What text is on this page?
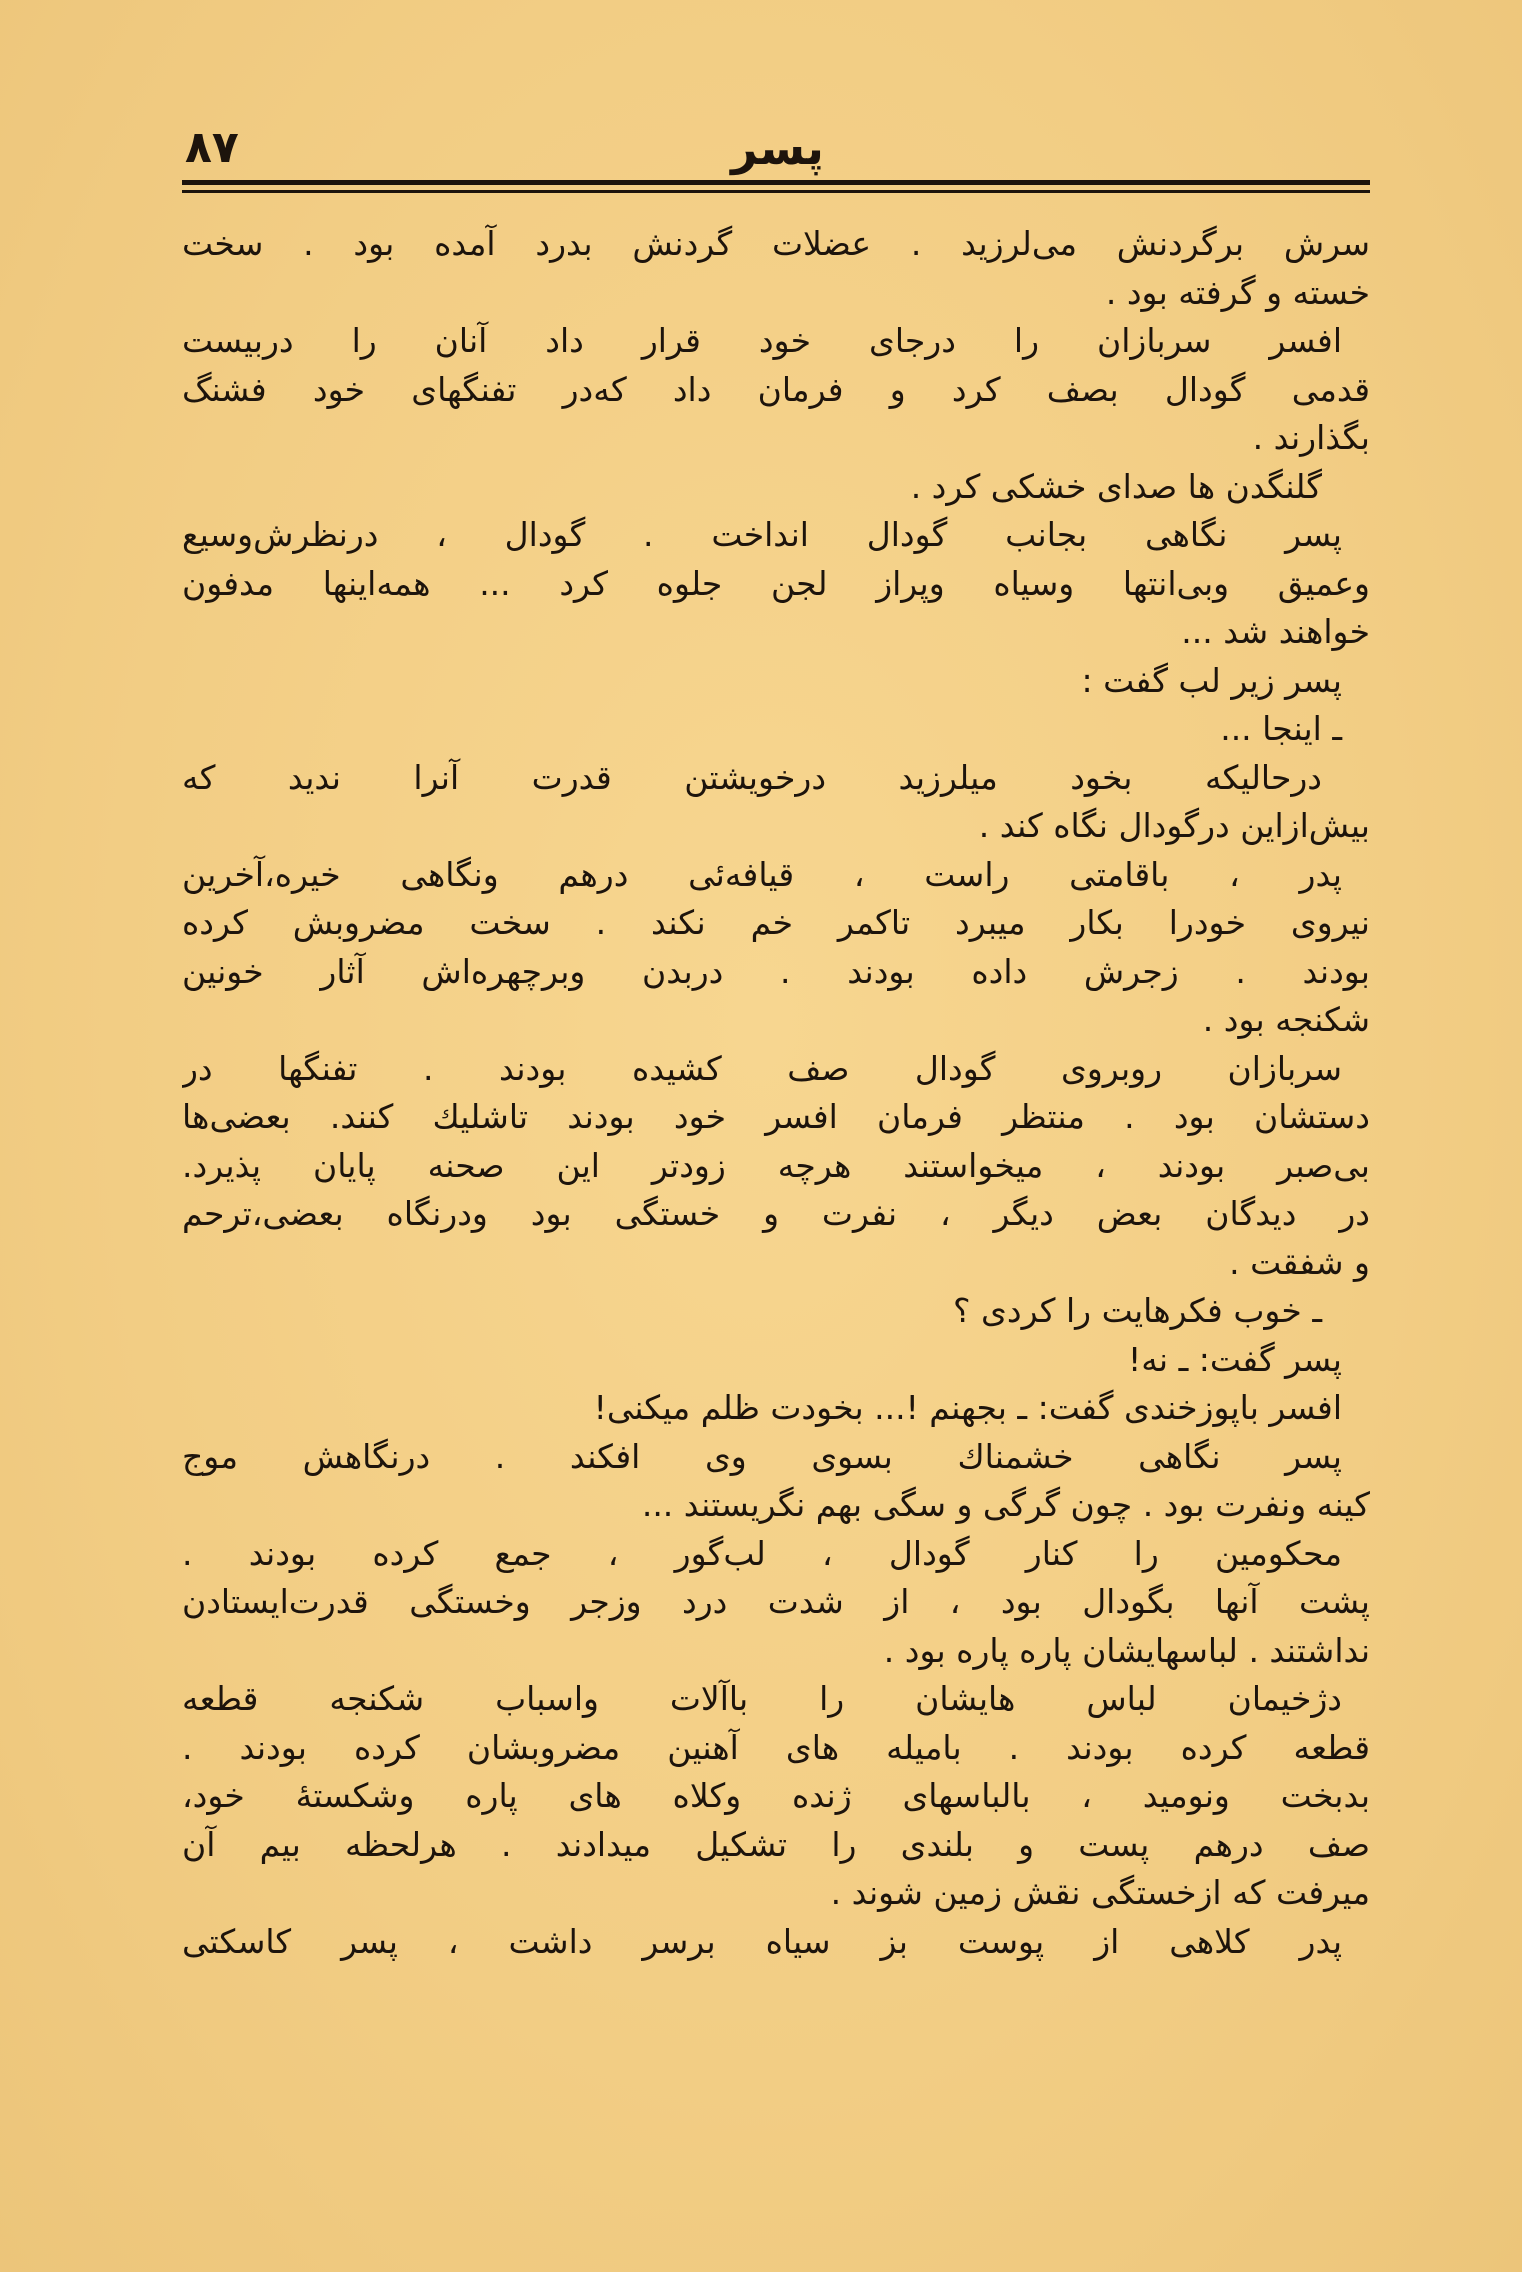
پسر
۸۷
سرش برگردنش می‌لرزید . عضلات گردنش بدرد آمده بود . سخت
خسته و گرفته بود .
افسر سربازان را درجای خود قرار داد آنان را دربیست
قدمی گودال بصف کرد و فرمان داد که‌در تفنگهای خود فشنگ
بگذارند .
گلنگدن ها صدای خشکی کرد .
پسر نگاهی بجانب گودال انداخت . گودال ، درنظرش‌وسیع
وعمیق وبی‌انتها وسیاه وپراز لجن جلوه کرد ... همه‌اینها مدفون
خواهند شد ...
پسر زیر لب گفت :
ـ اینجا ...
درحالیکه بخود میلرزید درخویشتن قدرت آنرا ندید که
بیش‌ازاین درگودال نگاه کند .
پدر ، باقامتی راست ، قیافه‌ئی درهم ونگاهی خیره،آخرین
نیروی خودرا بکار میبرد تاکمر خم نکند . سخت مضروبش کرده
بودند . زجرش داده بودند . دربدن وبرچهره‌اش آثار خونین
شکنجه بود .
سربازان روبروی گودال صف کشیده بودند . تفنگها در
دستشان بود . منتظر فرمان افسر خود بودند تاشلیك كنند. بعضی‌ها
بی‌صبر بودند ، میخواستند هرچه زودتر این صحنه پایان پذیرد.
در دیدگان بعض دیگر ، نفرت و خستگی بود ودرنگاه بعضی،ترحم
و شفقت .
ـ خوب فکرهایت را کردی ؟
پسر گفت: ـ نه!
افسر باپوزخندی گفت: ـ بجهنم !... بخودت ظلم میکنی!
پسر نگاهی خشمناك بسوی وی افکند . درنگاهش موج
کینه ونفرت بود . چون گرگی و سگی بهم نگریستند ...
محکومین را کنار گودال ، لب‌گور ، جمع کرده بودند .
پشت آنها بگودال بود ، از شدت درد وزجر وخستگی قدرت‌ایستادن
نداشتند . لباسهایشان پاره پاره بود .
دژخیمان لباس هایشان را باآلات واسباب شکنجه قطعه
قطعه کرده بودند . بامیله های آهنین مضروبشان کرده بودند .
بدبخت ونومید ، بالباسهای ژنده وکلاه های پاره وشکستهٔ خود،
صف درهم پست و بلندی را تشکیل میدادند . هرلحظه بیم آن
میرفت که ازخستگی نقش زمین شوند .
پدر کلاهی از پوست بز سیاه برسر داشت ، پسر کاسکتی
